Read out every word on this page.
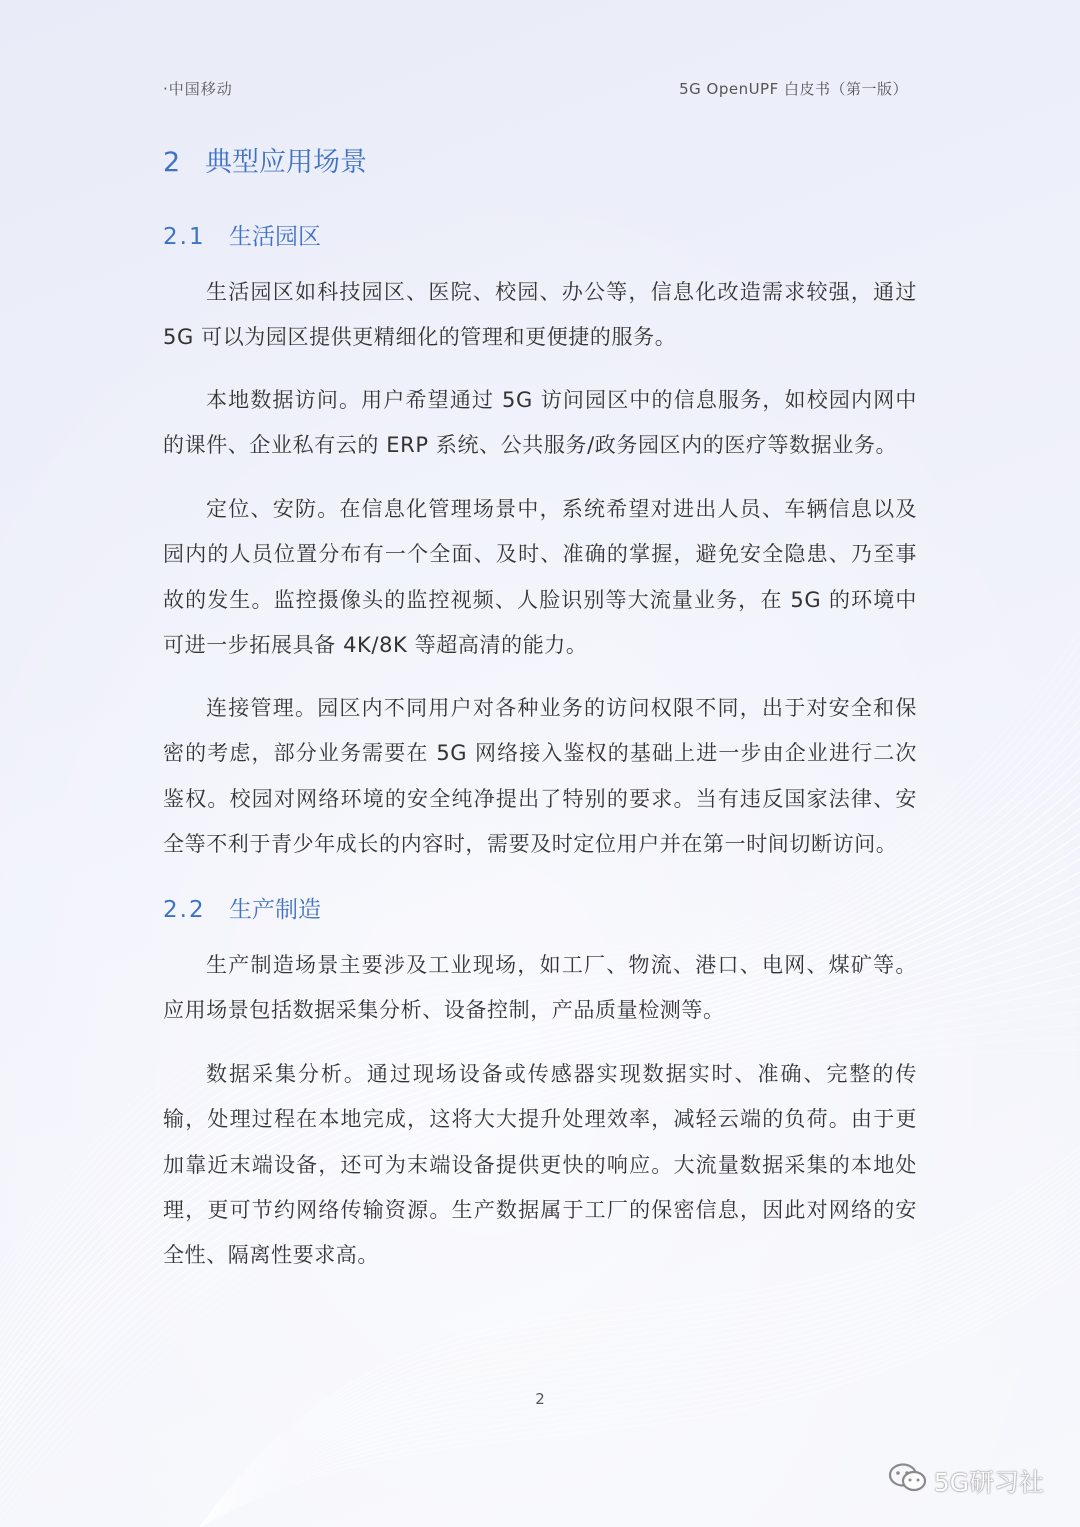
·中国移动	5G OpenUPF 白皮书（第一版）
2 典型应用场景
2.1	生活园区

生活园区如科技园区、医院、校园、办公等，信息化改造需求较强，通过5G 可以为园区提供更精细化的管理和更便捷的服务。

本地数据访问。用户希望通过 5G 访问园区中的信息服务，如校园内网中的课件、企业私有云的 ERP 系统、公共服务/政务园区内的医疗等数据业务。

定位、安防。在信息化管理场景中，系统希望对进出人员、车辆信息以及园内的人员位置分布有一个全面、及时、准确的掌握，避免安全隐患、乃至事故的发生。监控摄像头的监控视频、人脸识别等大流量业务，在 5G 的环境中可进一步拓展具备 4K/8K 等超高清的能力。

连接管理。园区内不同用户对各种业务的访问权限不同，出于对安全和保密的考虑，部分业务需要在 5G 网络接入鉴权的基础上进一步由企业进行二次鉴权。校园对网络环境的安全纯净提出了特别的要求。当有违反国家法律、安全等不利于青少年成长的内容时，需要及时定位用户并在第一时间切断访问。

2.2	生产制造

生产制造场景主要涉及工业现场，如工厂、物流、港口、电网、煤矿等。应用场景包括数据采集分析、设备控制，产品质量检测等。

数据采集分析。通过现场设备或传感器实现数据实时、准确、完整的传输，处理过程在本地完成，这将大大提升处理效率，减轻云端的负荷。由于更加靠近末端设备，还可为末端设备提供更快的响应。大流量数据采集的本地处理，更可节约网络传输资源。生产数据属于工厂的保密信息，因此对网络的安全性、隔离性要求高。

2
5G研习社
